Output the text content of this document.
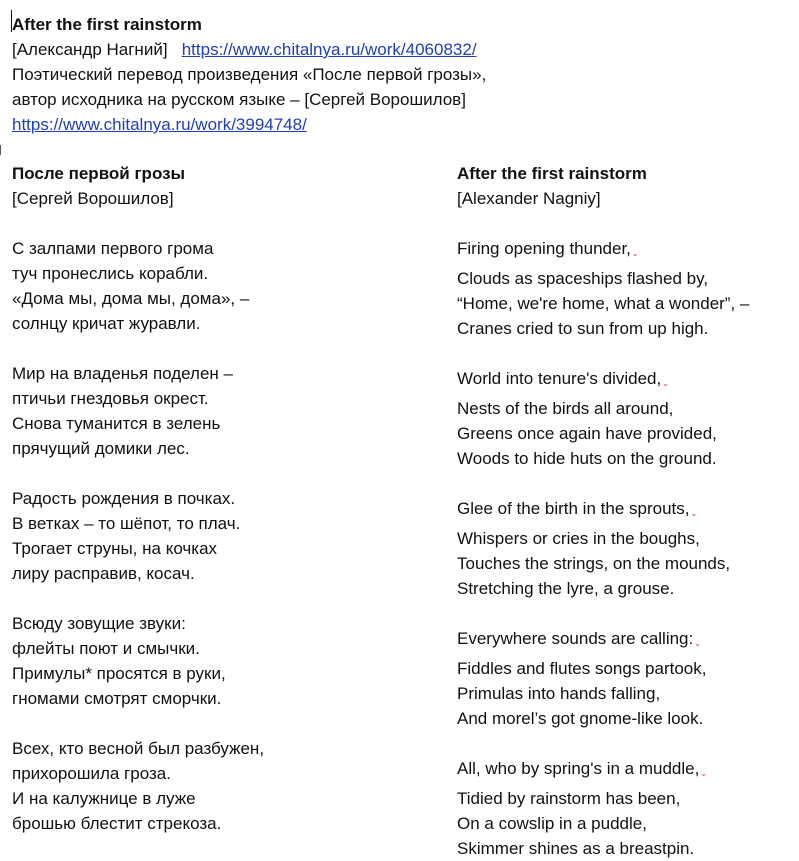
After the first rainstorm
[Александр Нагний] https://www.chitalnya.ru/work/4060832/
Поэтический перевод произведения «После первой грозы»,
автор исходника на русском языке – [Сергей Ворошилов]
https://www.chitalnya.ru/work/3994748/
После первой грозы
[Сергей Ворошилов]
С залпами первого грома
туч пронеслись корабли.
«Дома мы, дома мы, дома», –
солнцу кричат журавли.
Мир на владенья поделен –
птичьи гнездовья окрест.
Снова туманится в зелень
прячущий домики лес.
Радость рождения в почках.
В ветках – то шёпот, то плач.
Трогает струны, на кочках
лиру расправив, косач.
Всюду зовущие звуки:
флейты поют и смычки.
Примулы* просятся в руки,
гномами смотрят сморчки.
Всех, кто весной был разбужен,
прихорошила гроза.
И на калужнице в луже
брошью блестит стрекоза.
After the first rainstorm
[Alexander Nagniy]
Firing opening thunder,⌄
Clouds as spaceships flashed by,
“Home, we're home, what a wonder”, –
Cranes cried to sun from up high.
World into tenure's divided,⌄
Nests of the birds all around,
Greens once again have provided,
Woods to hide huts on the ground.
Glee of the birth in the sprouts,⌄
Whispers or cries in the boughs,
Touches the strings, on the mounds,
Stretching the lyre, a grouse.
Everywhere sounds are calling:⌄
Fiddles and flutes songs partook,
Primulas into hands falling,
And morel’s got gnome-like look.
All, who by spring's in a muddle,⌄
Tidied by rainstorm has been,
On a cowslip in a puddle,
Skimmer shines as a breastpin.
